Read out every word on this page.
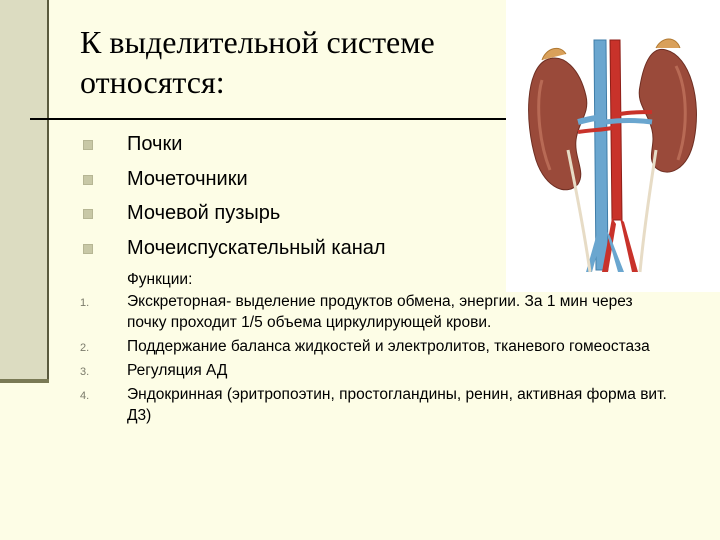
К выделительной системе относятся:
Почки
Мочеточники
Мочевой пузырь
Мочеиспускательный канал
Функции:
1. Экскреторная- выделение продуктов обмена, энергии. За 1 мин через почку проходит 1/5 объема циркулирующей крови.
2. Поддержание баланса жидкостей и электролитов, тканевого гомеостаза
3. Регуляция АД
4. Эндокринная (эритропоэтин, простогландины, ренин, активная форма вит. Д3)
